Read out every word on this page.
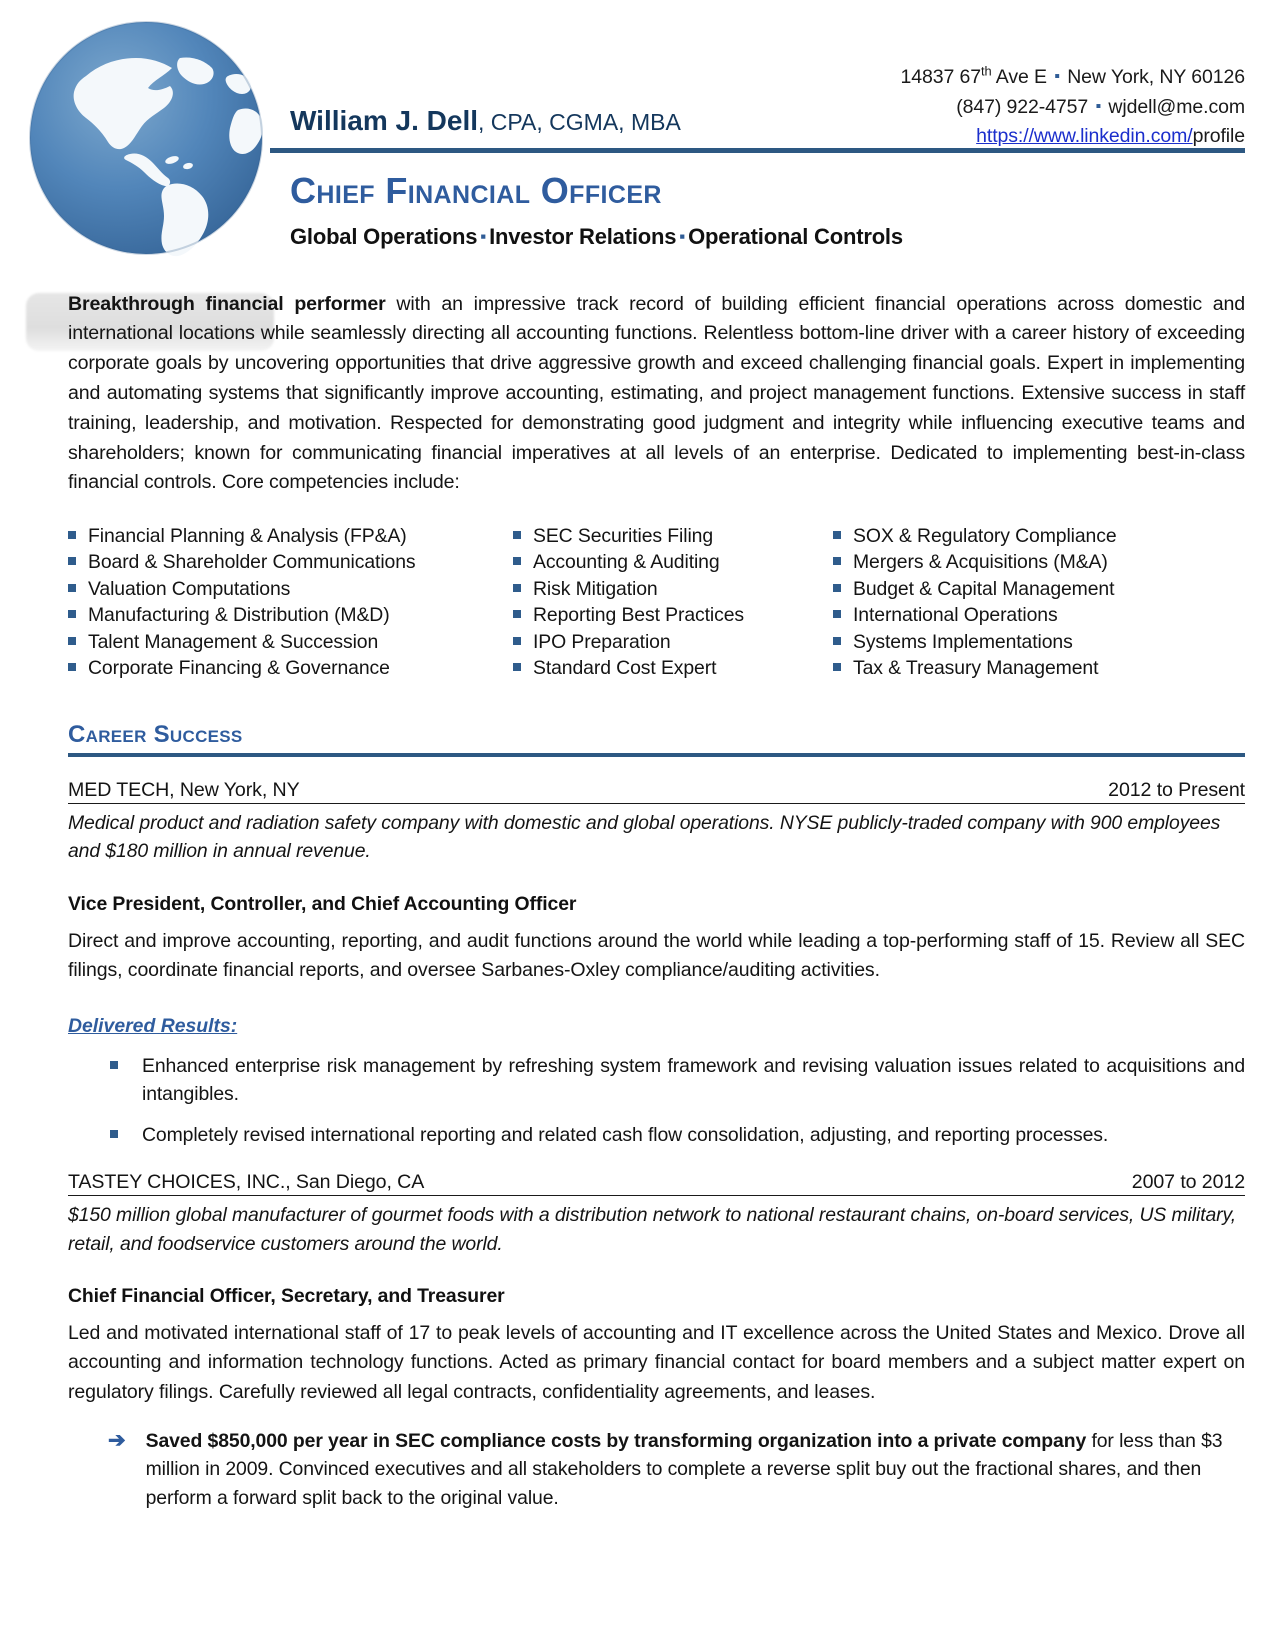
14837 67th Ave E ▪ New York, NY 60126
(847) 922-4757 ▪ wjdell@me.com
https://www.linkedin.com/profile
William J. Dell, CPA, CGMA, MBA
Chief Financial Officer
Global Operations ▪ Investor Relations ▪ Operational Controls

Breakthrough financial performer with an impressive track record of building efficient financial operations across domestic and international locations while seamlessly directing all accounting functions. Relentless bottom-line driver with a career history of exceeding corporate goals by uncovering opportunities that drive aggressive growth and exceed challenging financial goals. Expert in implementing and automating systems that significantly improve accounting, estimating, and project management functions. Extensive success in staff training, leadership, and motivation. Respected for demonstrating good judgment and integrity while influencing executive teams and shareholders; known for communicating financial imperatives at all levels of an enterprise. Dedicated to implementing best-in-class financial controls. Core competencies include:

Financial Planning & Analysis (FP&A)
Board & Shareholder Communications
Valuation Computations
Manufacturing & Distribution (M&D)
Talent Management & Succession
Corporate Financing & Governance
SEC Securities Filing
Accounting & Auditing
Risk Mitigation
Reporting Best Practices
IPO Preparation
Standard Cost Expert
SOX & Regulatory Compliance
Mergers & Acquisitions (M&A)
Budget & Capital Management
International Operations
Systems Implementations
Tax & Treasury Management
Career Success
MED TECH, New York, NY	2012 to Present
Medical product and radiation safety company with domestic and global operations. NYSE publicly-traded company with 900 employees and $180 million in annual revenue.
Vice President, Controller, and Chief Accounting Officer
Direct and improve accounting, reporting, and audit functions around the world while leading a top-performing staff of 15. Review all SEC filings, coordinate financial reports, and oversee Sarbanes-Oxley compliance/auditing activities.
Delivered Results:
Enhanced enterprise risk management by refreshing system framework and revising valuation issues related to acquisitions and intangibles.
Completely revised international reporting and related cash flow consolidation, adjusting, and reporting processes.
TASTEY CHOICES, INC., San Diego, CA	2007 to 2012
$150 million global manufacturer of gourmet foods with a distribution network to national restaurant chains, on-board services, US military, retail, and foodservice customers around the world.
Chief Financial Officer, Secretary, and Treasurer
Led and motivated international staff of 17 to peak levels of accounting and IT excellence across the United States and Mexico. Drove all accounting and information technology functions. Acted as primary financial contact for board members and a subject matter expert on regulatory filings. Carefully reviewed all legal contracts, confidentiality agreements, and leases.
➔ Saved $850,000 per year in SEC compliance costs by transforming organization into a private company for less than $3 million in 2009. Convinced executives and all stakeholders to complete a reverse split buy out the fractional shares, and then perform a forward split back to the original value.
